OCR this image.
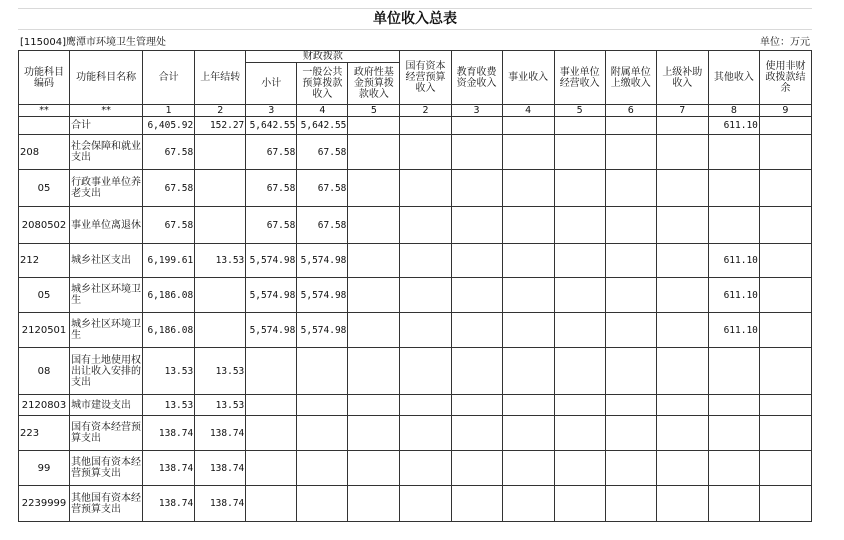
单位收入总表
[115004]鹰潭市环境卫生管理处	单位：万元
功能科目编码	功能科目名称	合计	上年结转	财政拨款			国有资本经营预算收入	教育收费资金收入	事业收入	事业单位经营收入	附属单位上缴收入	上级补助收入	其他收入	使用非财政拨款结余
				小计	一般公共预算拨款收入	政府性基金预算拨款收入								
**	**	1	2	3	4	5	2	3	4	5	6	7	8	9
	合计	6,405.92	152.27	5,642.55	5,642.55								611.10	
208	社会保障和就业支出	67.58		67.58	67.58									
05	行政事业单位养老支出	67.58		67.58	67.58									
2080502	事业单位离退休	67.58		67.58	67.58									
212	城乡社区支出	6,199.61	13.53	5,574.98	5,574.98								611.10	
05	城乡社区环境卫生	6,186.08		5,574.98	5,574.98								611.10	
2120501	城乡社区环境卫生	6,186.08		5,574.98	5,574.98								611.10	
08	国有土地使用权出让收入安排的支出	13.53	13.53											
2120803	城市建设支出	13.53	13.53											
223	国有资本经营预算支出	138.74	138.74											
99	其他国有资本经营预算支出	138.74	138.74											
2239999	其他国有资本经营预算支出	138.74	138.74											
